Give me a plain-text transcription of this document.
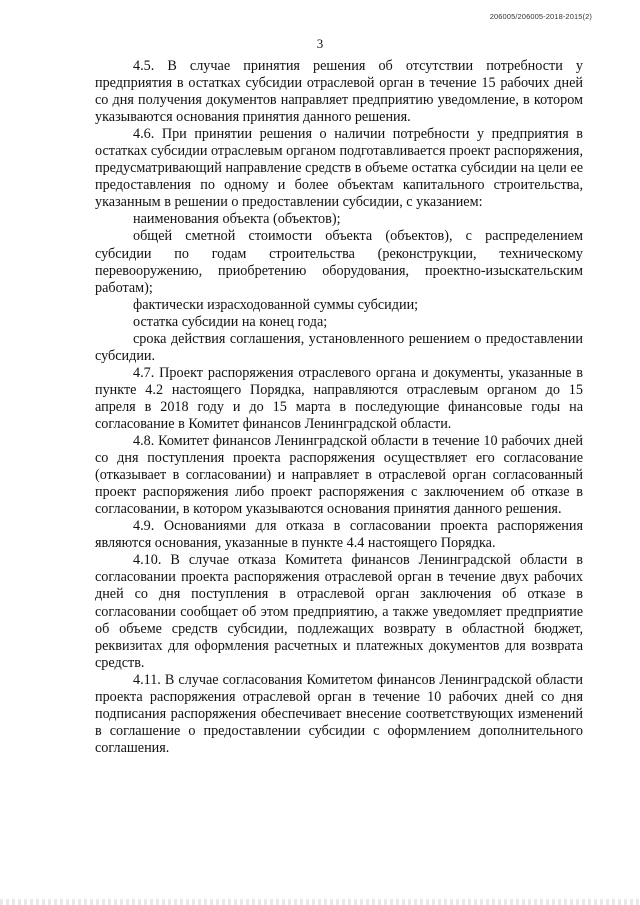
206005/206005-2018-2015(2)
3

4.5. В случае принятия решения об отсутствии потребности у предприятия в остатках субсидии отраслевой орган в течение 15 рабочих дней со дня получения документов направляет предприятию уведомление, в котором указываются основания принятия данного решения.

4.6. При принятии решения о наличии потребности у предприятия в остатках субсидии отраслевым органом подготавливается проект распоряжения, предусматривающий направление средств в объеме остатка субсидии на цели ее предоставления по одному и более объектам капитального строительства, указанным в решении о предоставлении субсидии, с указанием:

наименования объекта (объектов);

общей сметной стоимости объекта (объектов), с распределением субсидии по годам строительства (реконструкции, техническому перевооружению, приобретению оборудования, проектно-изыскательским работам);

фактически израсходованной суммы субсидии;

остатка субсидии на конец года;

срока действия соглашения, установленного решением о предоставлении субсидии.

4.7. Проект распоряжения отраслевого органа и документы, указанные в пункте 4.2 настоящего Порядка, направляются отраслевым органом до 15 апреля в 2018 году и до 15 марта в последующие финансовые годы на согласование в Комитет финансов Ленинградской области.

4.8. Комитет финансов Ленинградской области в течение 10 рабочих дней со дня поступления проекта распоряжения осуществляет его согласование (отказывает в согласовании) и направляет в отраслевой орган согласованный проект распоряжения либо проект распоряжения с заключением об отказе в согласовании, в котором указываются основания принятия данного решения.

4.9. Основаниями для отказа в согласовании проекта распоряжения являются основания, указанные в пункте 4.4 настоящего Порядка.

4.10. В случае отказа Комитета финансов Ленинградской области в согласовании проекта распоряжения отраслевой орган в течение двух рабочих дней со дня поступления в отраслевой орган заключения об отказе в согласовании сообщает об этом предприятию, а также уведомляет предприятие об объеме средств субсидии, подлежащих возврату в областной бюджет, реквизитах для оформления расчетных и платежных документов для возврата средств.

4.11. В случае согласования Комитетом финансов Ленинградской области проекта распоряжения отраслевой орган в течение 10 рабочих дней со дня подписания распоряжения обеспечивает внесение соответствующих изменений в соглашение о предоставлении субсидии с оформлением дополнительного соглашения.
